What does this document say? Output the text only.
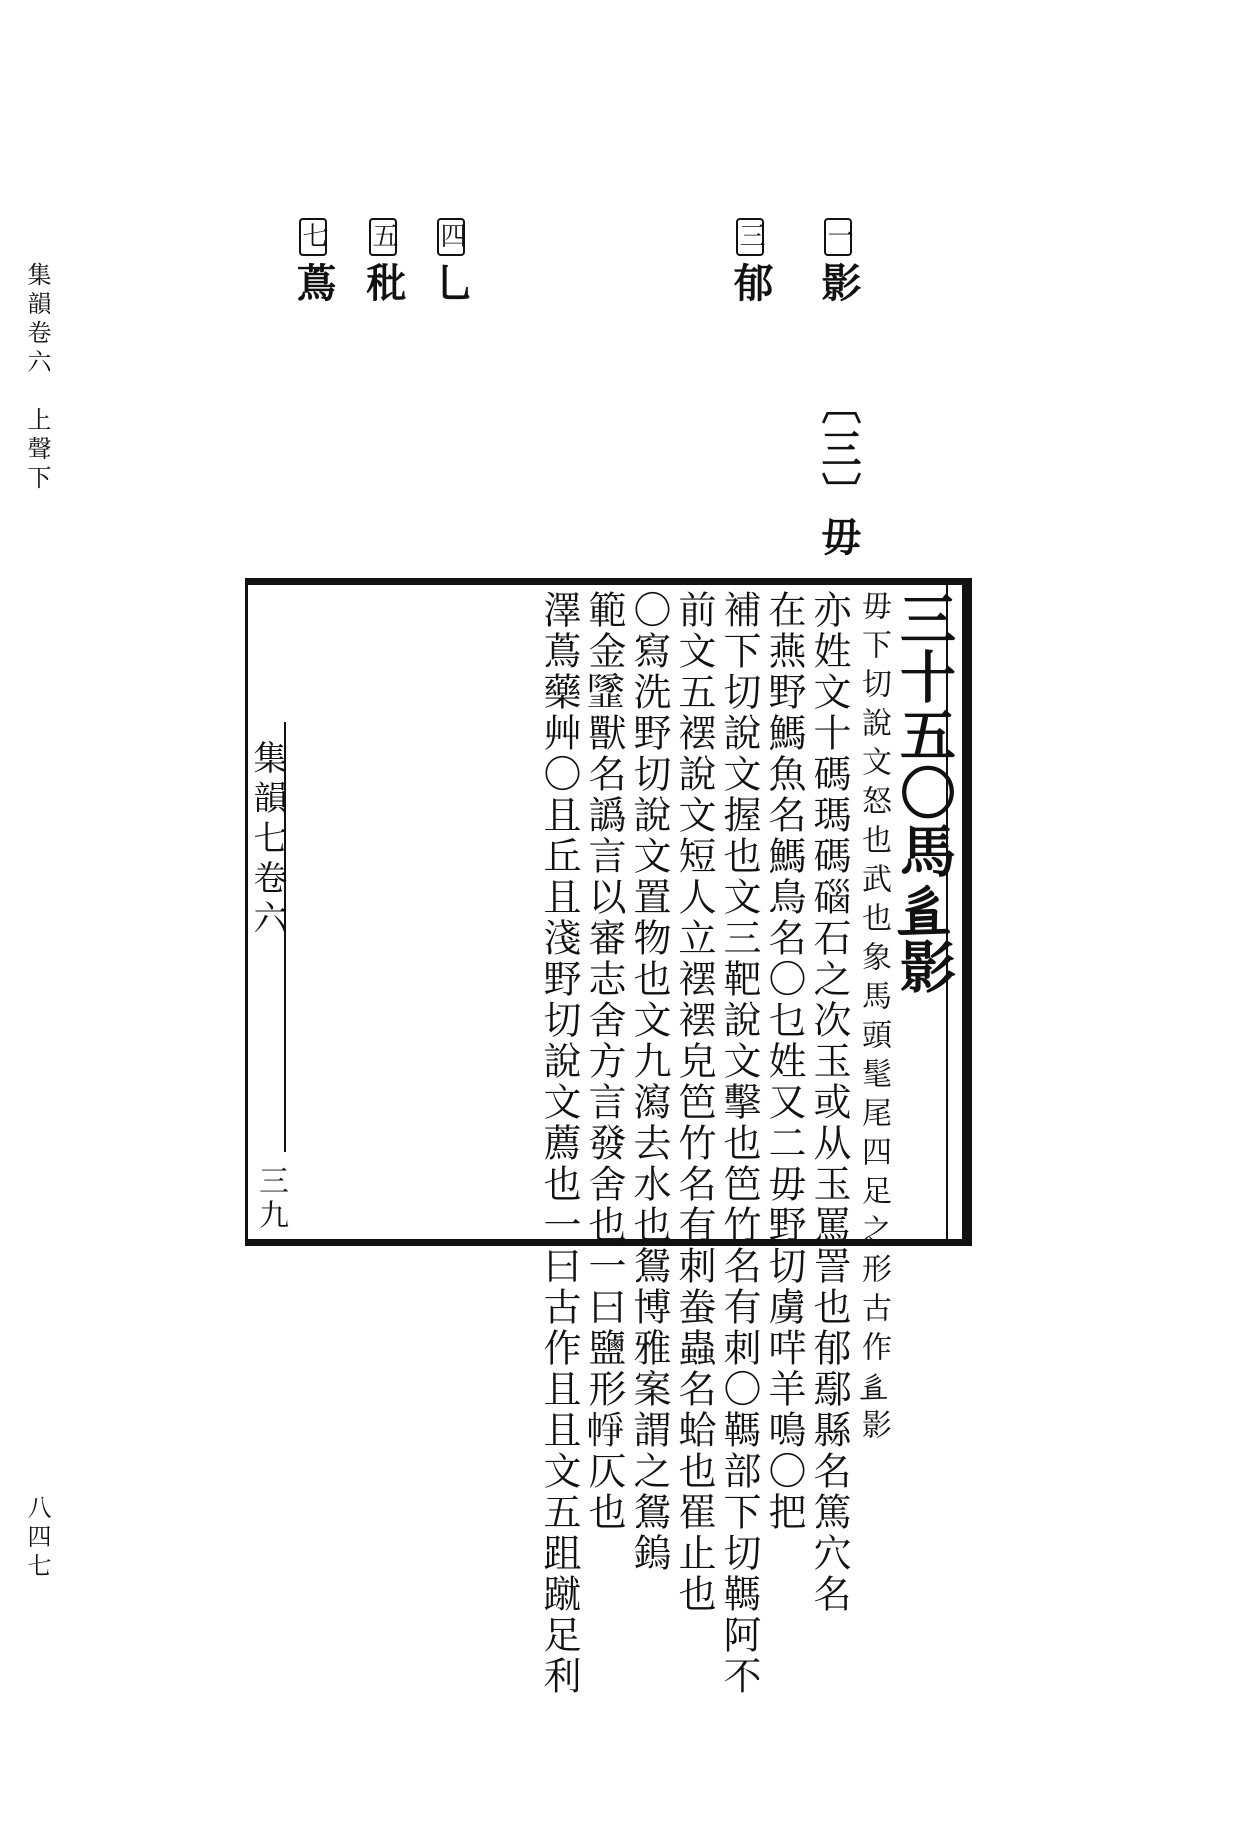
集韻卷六　上聲下
八四七
一影
〔三〕毋
三郁
四乚
五秕
七蔦
集韻七卷六
三九
三十五〇馬𢒉影
毋下切說文怒也武也象馬頭髦尾四足之形古作𢒉影
亦姓文十碼瑪碼碯石之次玉或从玉罵詈也郁鄢縣名篤穴名
在燕野鰢魚名鰢鳥名〇乜姓又二毋野切虜哶羊鳴〇把
補下切說文握也文三靶說文擊也笆竹名有刺〇䩻部下切䩻阿不
前文五䙓說文短人立䙓䙓皃笆竹名有刺䖭蟲名蛤也䍜止也
〇寫洗野切說文置物也文九瀉去水也鴛博雅案謂之鴛鎢
範金𩐌獸名譌言以審志舍方言發舍也一曰鹽形𢂰仄也
澤蔦藥艸〇且丘且淺野切說文薦也一曰古作且且文五跙蹴足利
